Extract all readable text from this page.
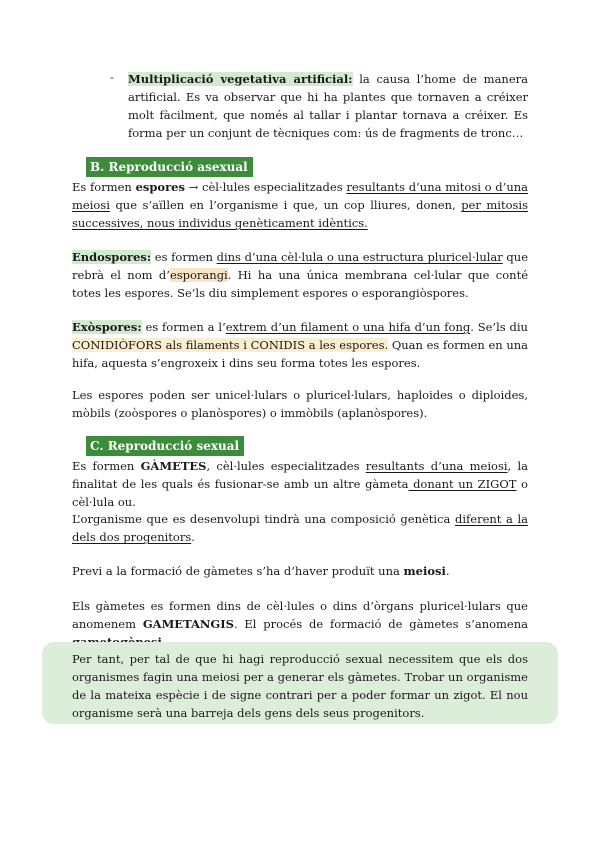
- Multiplicació vegetativa artificial: la causa l’home de manera artificial. Es va observar que hi ha plantes que tornaven a créixer molt fàcilment, que només al tallar i plantar tornava a créixer. Es forma per un conjunt de tècniques com: ús de fragments de tronc…

B. Reproducció asexual

Es formen espores → cèl·lules especialitzades resultants d’una mitosi o d’una meiosi que s’aïllen en l’organisme i que, un cop lliures, donen, per mitosis successives, nous individus genèticament idèntics.

Endospores: es formen dins d’una cèl·lula o una estructura pluricel·lular que rebrà el nom d’esporangi. Hi ha una única membrana cel·lular que conté totes les espores. Se’ls diu simplement espores o esporangiòspores.

Exòspores: es formen a l’extrem d’un filament o una hifa d’un fong. Se’ls diu CONIDIÒFORS als filaments i CONIDIS a les espores. Quan es formen en una hifa, aquesta s’engroxeix i dins seu forma totes les espores.

Les espores poden ser unicel·lulars o pluricel·lulars, haploides o diploides, mòbils (zoòspores o planòspores) o immòbils (aplanòspores).

C. Reproducció sexual

Es formen GÀMETES, cèl·lules especialitzades resultants d’una meiosi, la finalitat de les quals és fusionar-se amb un altre gàmeta donant un ZIGOT o cèl·lula ou.

L’organisme que es desenvolupi tindrà una composició genètica diferent a la dels dos progenitors.

Previ a la formació de gàmetes s’ha d’haver produït una meiosi.

Els gàmetes es formen dins de cèl·lules o dins d’òrgans pluricel·lulars que anomenem GAMETANGIS. El procés de formació de gàmetes s’anomena

Per tant, per tal de que hi hagi reproducció sexual necessitem que els dos organismes fagin una meiosi per a generar els gàmetes. Trobar un organisme de la mateixa espècie i de signe contrari per a poder formar un zigot. El nou organisme serà una barreja dels gens dels seus progenitors.
